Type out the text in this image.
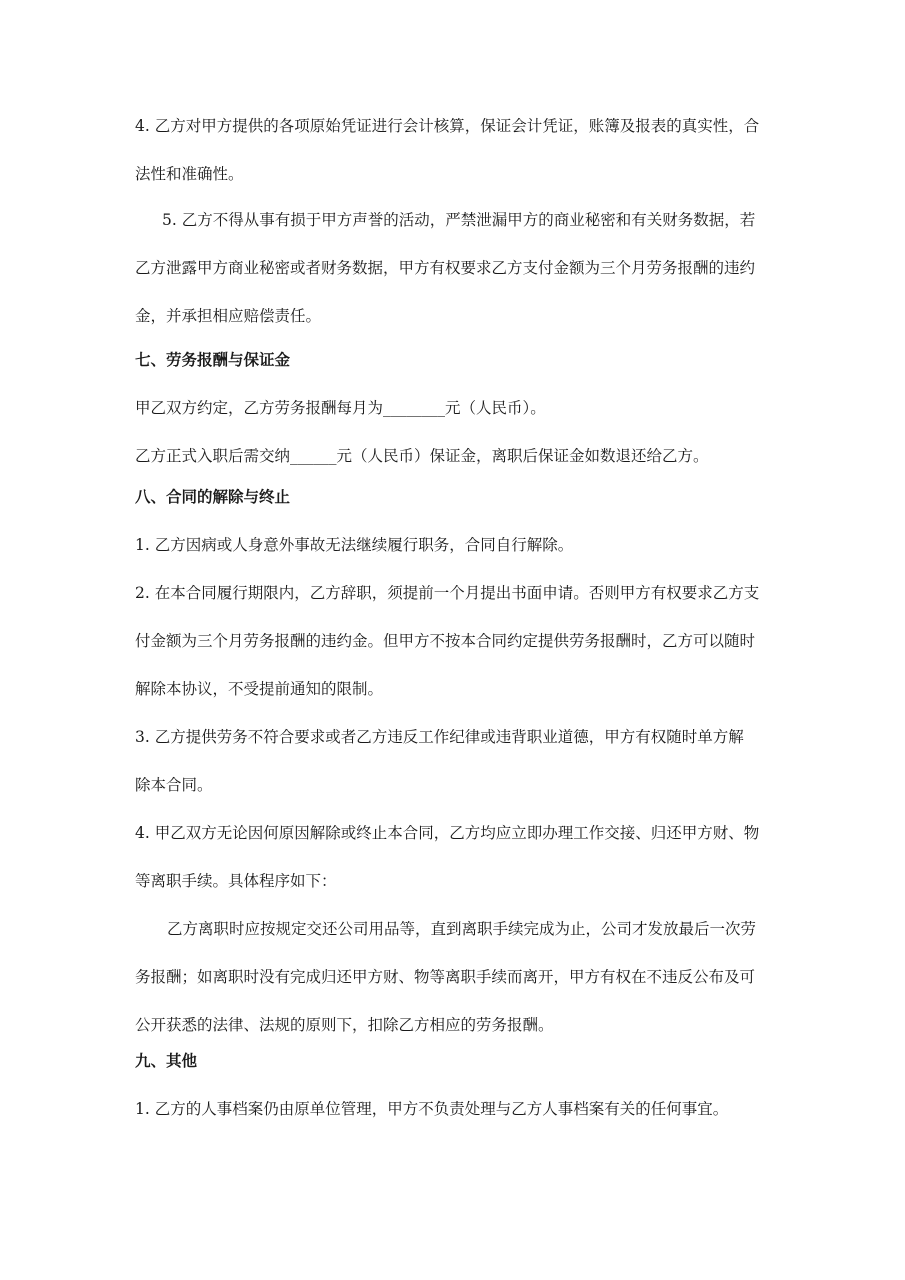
4. 乙方对甲方提供的各项原始凭证进行会计核算，保证会计凭证，账簿及报表的真实性，合
法性和准确性。
5. 乙方不得从事有损于甲方声誉的活动，严禁泄漏甲方的商业秘密和有关财务数据，若
乙方泄露甲方商业秘密或者财务数据，甲方有权要求乙方支付金额为三个月劳务报酬的违约
金，并承担相应赔偿责任。
七、劳务报酬与保证金
甲乙双方约定，乙方劳务报酬每月为________元（人民币）。
乙方正式入职后需交纳______元（人民币）保证金，离职后保证金如数退还给乙方。
八、合同的解除与终止
1. 乙方因病或人身意外事故无法继续履行职务，合同自行解除。
2. 在本合同履行期限内，乙方辞职，须提前一个月提出书面申请。否则甲方有权要求乙方支
付金额为三个月劳务报酬的违约金。但甲方不按本合同约定提供劳务报酬时，乙方可以随时
解除本协议，不受提前通知的限制。
3. 乙方提供劳务不符合要求或者乙方违反工作纪律或违背职业道德，甲方有权随时单方解
除本合同。
4. 甲乙双方无论因何原因解除或终止本合同，乙方均应立即办理工作交接、归还甲方财、物
等离职手续。具体程序如下：
乙方离职时应按规定交还公司用品等，直到离职手续完成为止，公司才发放最后一次劳
务报酬；如离职时没有完成归还甲方财、物等离职手续而离开，甲方有权在不违反公布及可
公开获悉的法律、法规的原则下，扣除乙方相应的劳务报酬。
九、其他
1. 乙方的人事档案仍由原单位管理，甲方不负责处理与乙方人事档案有关的任何事宜。
